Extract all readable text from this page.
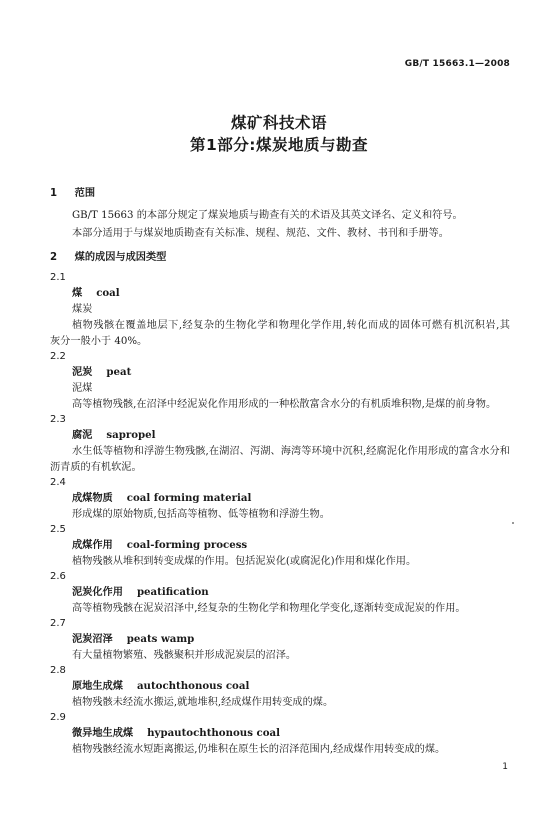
GB/T 15663.1—2008
煤矿科技术语
第1部分:煤炭地质与勘查
1 范围
GB/T 15663 的本部分规定了煤炭地质与勘查有关的术语及其英文译名、定义和符号。
本部分适用于与煤炭地质勘查有关标准、规程、规范、文件、教材、书刊和手册等。
2 煤的成因与成因类型
2.1
煤 coal
煤炭
植物残骸在覆盖地层下,经复杂的生物化学和物理化学作用,转化而成的固体可燃有机沉积岩,其
灰分一般小于 40%。
2.2
泥炭 peat
泥煤
高等植物残骸,在沼泽中经泥炭化作用形成的一种松散富含水分的有机质堆积物,是煤的前身物。
2.3
腐泥 sapropel
水生低等植物和浮游生物残骸,在湖沼、泻湖、海湾等环境中沉积,经腐泥化作用形成的富含水分和
沥青质的有机软泥。
2.4
成煤物质 coal forming material
形成煤的原始物质,包括高等植物、低等植物和浮游生物。
2.5
成煤作用 coal-forming process
植物残骸从堆积到转变成煤的作用。包括泥炭化(或腐泥化)作用和煤化作用。
2.6
泥炭化作用 peatification
高等植物残骸在泥炭沼泽中,经复杂的生物化学和物理化学变化,逐渐转变成泥炭的作用。
2.7
泥炭沼泽 peats wamp
有大量植物繁殖、残骸聚积并形成泥炭层的沼泽。
2.8
原地生成煤 autochthonous coal
植物残骸未经流水搬运,就地堆积,经成煤作用转变成的煤。
2.9
微异地生成煤 hypautochthonous coal
植物残骸经流水短距离搬运,仍堆积在原生长的沼泽范围内,经成煤作用转变成的煤。
1
